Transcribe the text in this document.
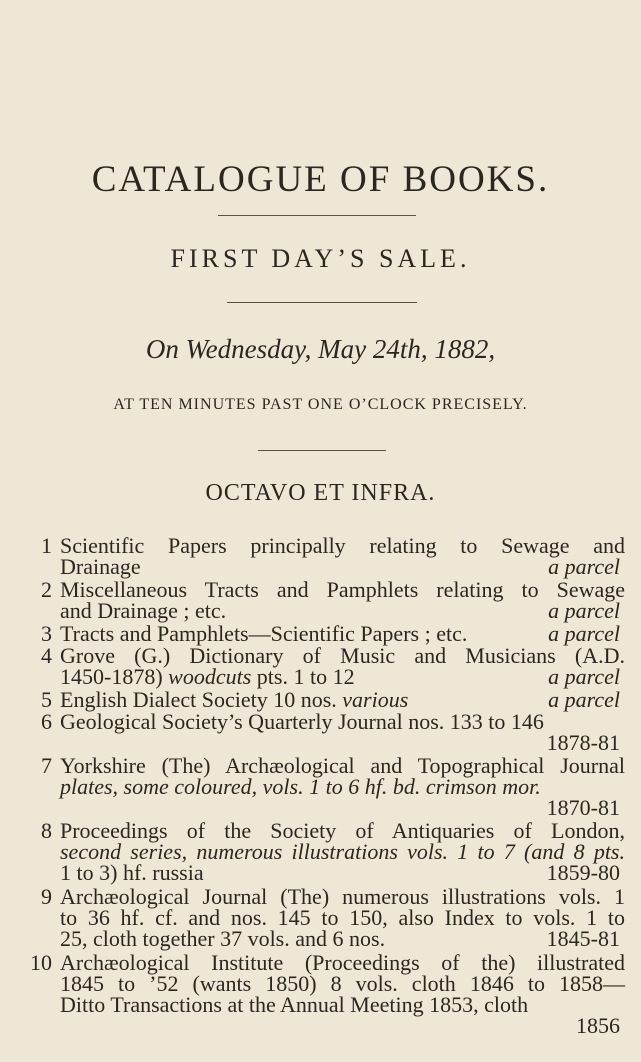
CATALOGUE OF BOOKS.
FIRST DAY’S SALE.
On Wednesday, May 24th, 1882,
AT TEN MINUTES PAST ONE O’CLOCK PRECISELY.
OCTAVO ET INFRA.
1 Scientific Papers principally relating to Sewage and
Drainage	a parcel
2 Miscellaneous Tracts and Pamphlets relating to Sewage
and Drainage ; etc.	a parcel
3 Tracts and Pamphlets—Scientific Papers ; etc.	a parcel
4 Grove (G.) Dictionary of Music and Musicians (A.D.
1450-1878) woodcuts pts. 1 to 12	a parcel
5 English Dialect Society 10 nos. various	a parcel
6 Geological Society’s Quarterly Journal nos. 133 to 146
1878-81
7 Yorkshire (The) Archæological and Topographical Journal
plates, some coloured, vols. 1 to 6 hf. bd. crimson mor.
1870-81
8 Proceedings of the Society of Antiquaries of London,
second series, numerous illustrations vols. 1 to 7 (and 8 pts.
1 to 3) hf. russia	1859-80
9 Archæological Journal (The) numerous illustrations vols. 1
to 36 hf. cf. and nos. 145 to 150, also Index to vols. 1 to
25, cloth together 37 vols. and 6 nos.	1845-81
10 Archæological Institute (Proceedings of the) illustrated
1845 to ’52 (wants 1850) 8 vols. cloth 1846 to 1858—
Ditto Transactions at the Annual Meeting 1853, cloth
1856
